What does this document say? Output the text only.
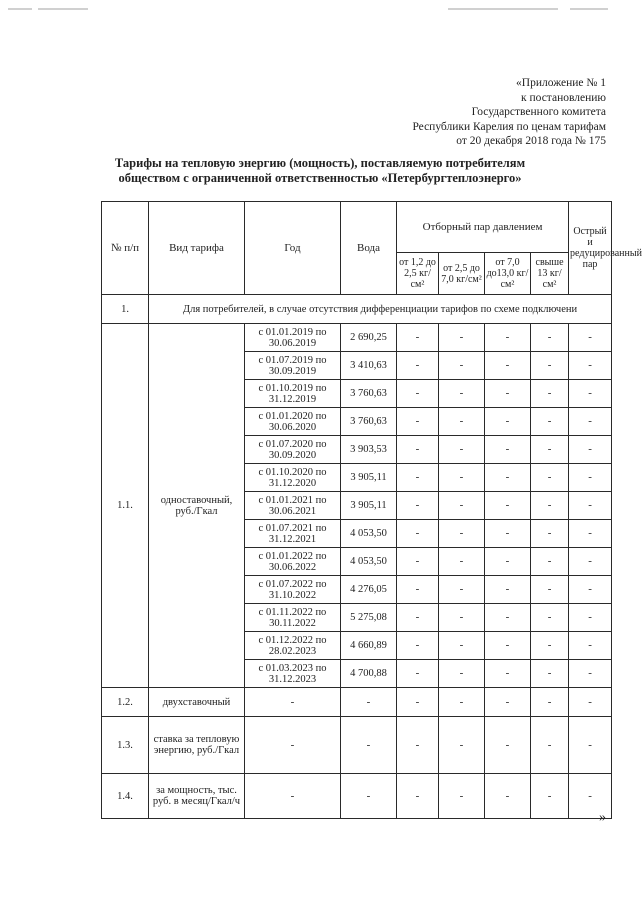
«Приложение № 1
к постановлению
Государственного комитета
Республики Карелия по ценам тарифам
от 20 декабря 2018 года № 175
Тарифы на тепловую энергию (мощность), поставляемую потребителям
обществом с ограниченной ответственностью «Петербургтеплоэнерго»
№ п/п	Вид тарифа	Год	Вода	Отборный пар давлением				Острый и редуцированный пар
				от 1,2 до 2,5 кг/см²	от 2,5 до 7,0 кг/см²	от 7,0 до13,0 кг/см²	свыше 13 кг/см²	
1.	Для потребителей, в случае отсутствия дифференциации тарифов по схеме подключени							
1.1.	одноставочный, руб./Гкал	с 01.01.2019 по 30.06.2019	2 690,25	-	-	-	-	-
		с 01.07.2019 по 30.09.2019	3 410,63	-	-	-	-	-
		с 01.10.2019 по 31.12.2019	3 760,63	-	-	-	-	-
		с 01.01.2020 по 30.06.2020	3 760,63	-	-	-	-	-
		с 01.07.2020 по 30.09.2020	3 903,53	-	-	-	-	-
		с 01.10.2020 по 31.12.2020	3 905,11	-	-	-	-	-
		с 01.01.2021 по 30.06.2021	3 905,11	-	-	-	-	-
		с 01.07.2021 по 31.12.2021	4 053,50	-	-	-	-	-
		с 01.01.2022 по 30.06.2022	4 053,50	-	-	-	-	-
		с 01.07.2022 по 31.10.2022	4 276,05	-	-	-	-	-
		с 01.11.2022 по 30.11.2022	5 275,08	-	-	-	-	-
		с 01.12.2022 по 28.02.2023	4 660,89	-	-	-	-	-
		с 01.03.2023 по 31.12.2023	4 700,88	-	-	-	-	-
1.2.	двухставочный	-	-	-	-	-	-	-
1.3.	ставка за тепловую энергию, руб./Гкал	-	-	-	-	-	-	-
1.4.	за мощность, тыс. руб. в месяц/Гкал/ч	-	-	-	-	-	-	-
»
